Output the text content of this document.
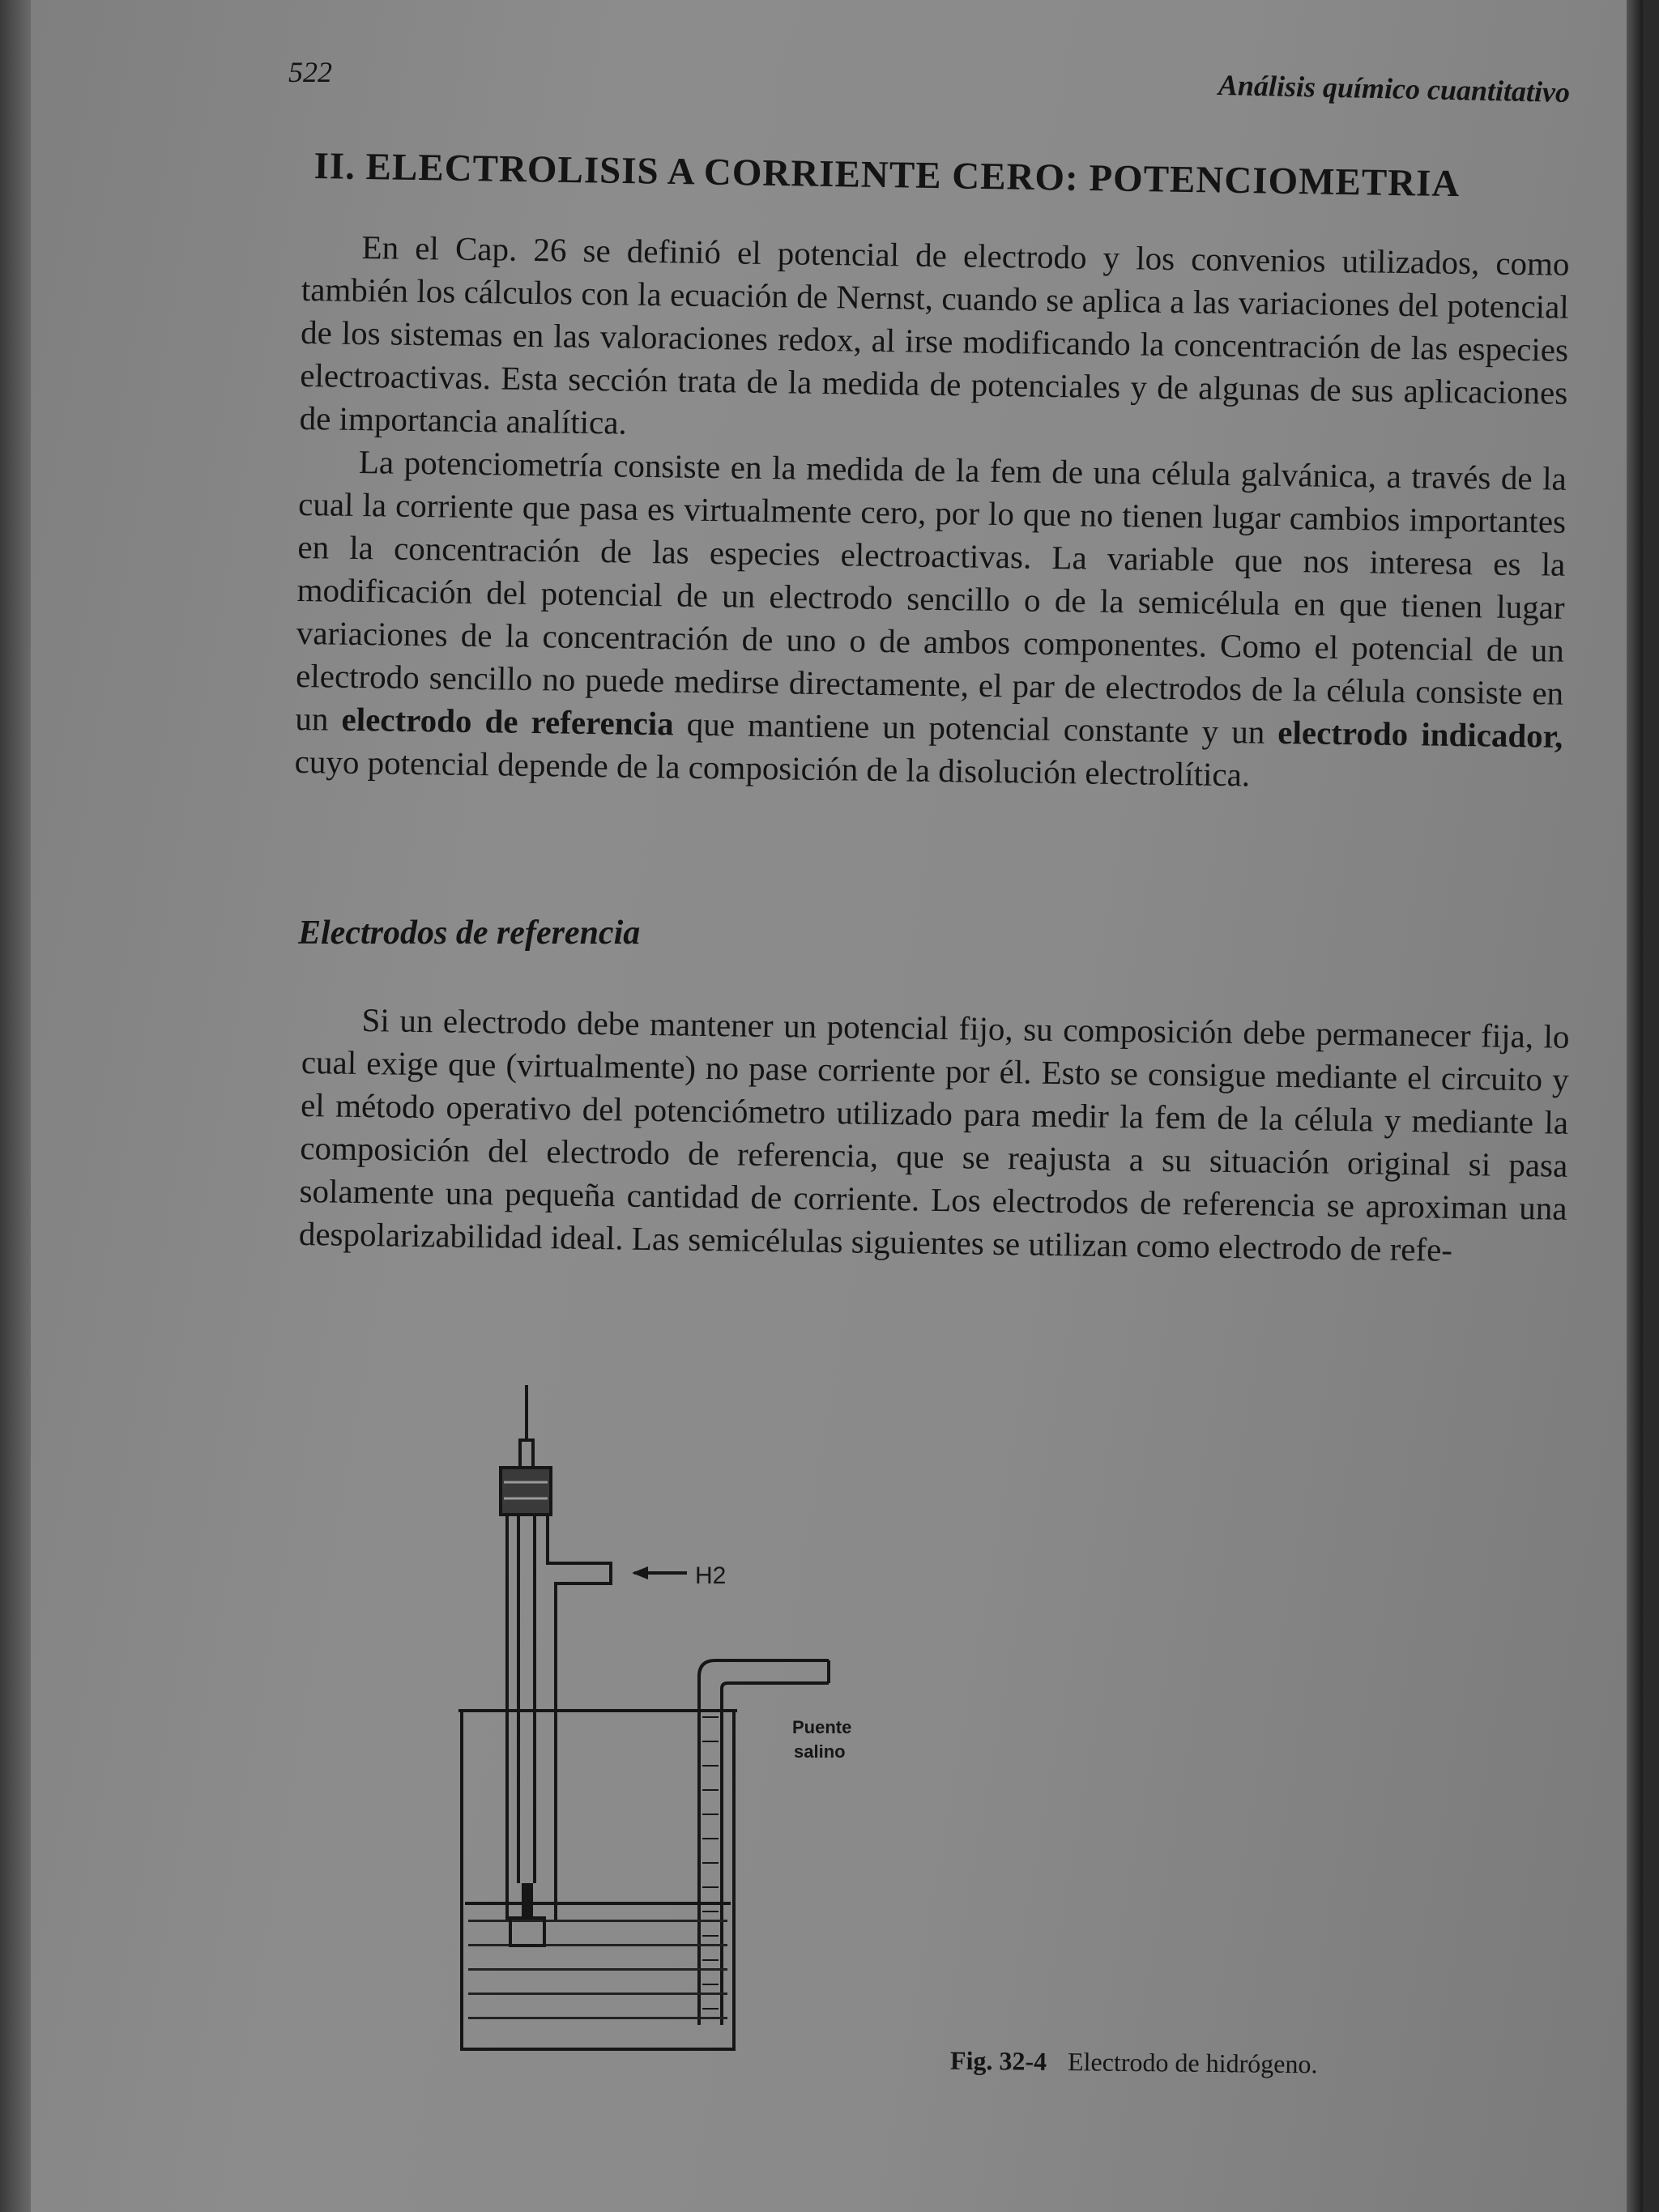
522	Análisis químico cuantitativo
II. ELECTROLISIS A CORRIENTE CERO: POTENCIOMETRIA

En el Cap. 26 se definió el potencial de electrodo y los convenios utilizados, como también los cálculos con la ecuación de Nernst, cuando se aplica a las variaciones del potencial de los sistemas en las valoraciones redox, al irse modificando la concentración de las especies electroactivas. Esta sección trata de la medida de potenciales y de algunas de sus aplicaciones de importancia analítica.

La potenciometría consiste en la medida de la fem de una célula galvánica, a través de la cual la corriente que pasa es virtualmente cero, por lo que no tienen lugar cambios importantes en la concentración de las especies electroactivas. La variable que nos interesa es la modificación del potencial de un electrodo sencillo o de la semicélula en que tienen lugar variaciones de la concentración de uno o de ambos componentes. Como el potencial de un electrodo sencillo no puede medirse directamente, el par de electrodos de la célula consiste en un electrodo de referencia que mantiene un potencial constante y un electrodo indicador, cuyo potencial depende de la composición de la disolución electrolítica.

Electrodos de referencia

Si un electrodo debe mantener un potencial fijo, su composición debe permanecer fija, lo cual exige que (virtualmente) no pase corriente por él. Esto se consigue mediante el circuito y el método operativo del potenciómetro utilizado para medir la fem de la célula y mediante la composición del electrodo de referencia, que se reajusta a su situación original si pasa solamente una pequeña cantidad de corriente. Los electrodos de referencia se aproximan una despolarizabilidad ideal. Las semicélulas siguientes se utilizan como electrodo de refe-

H2
Puente
salino
Fig. 32-4 Electrodo de hidrógeno.
